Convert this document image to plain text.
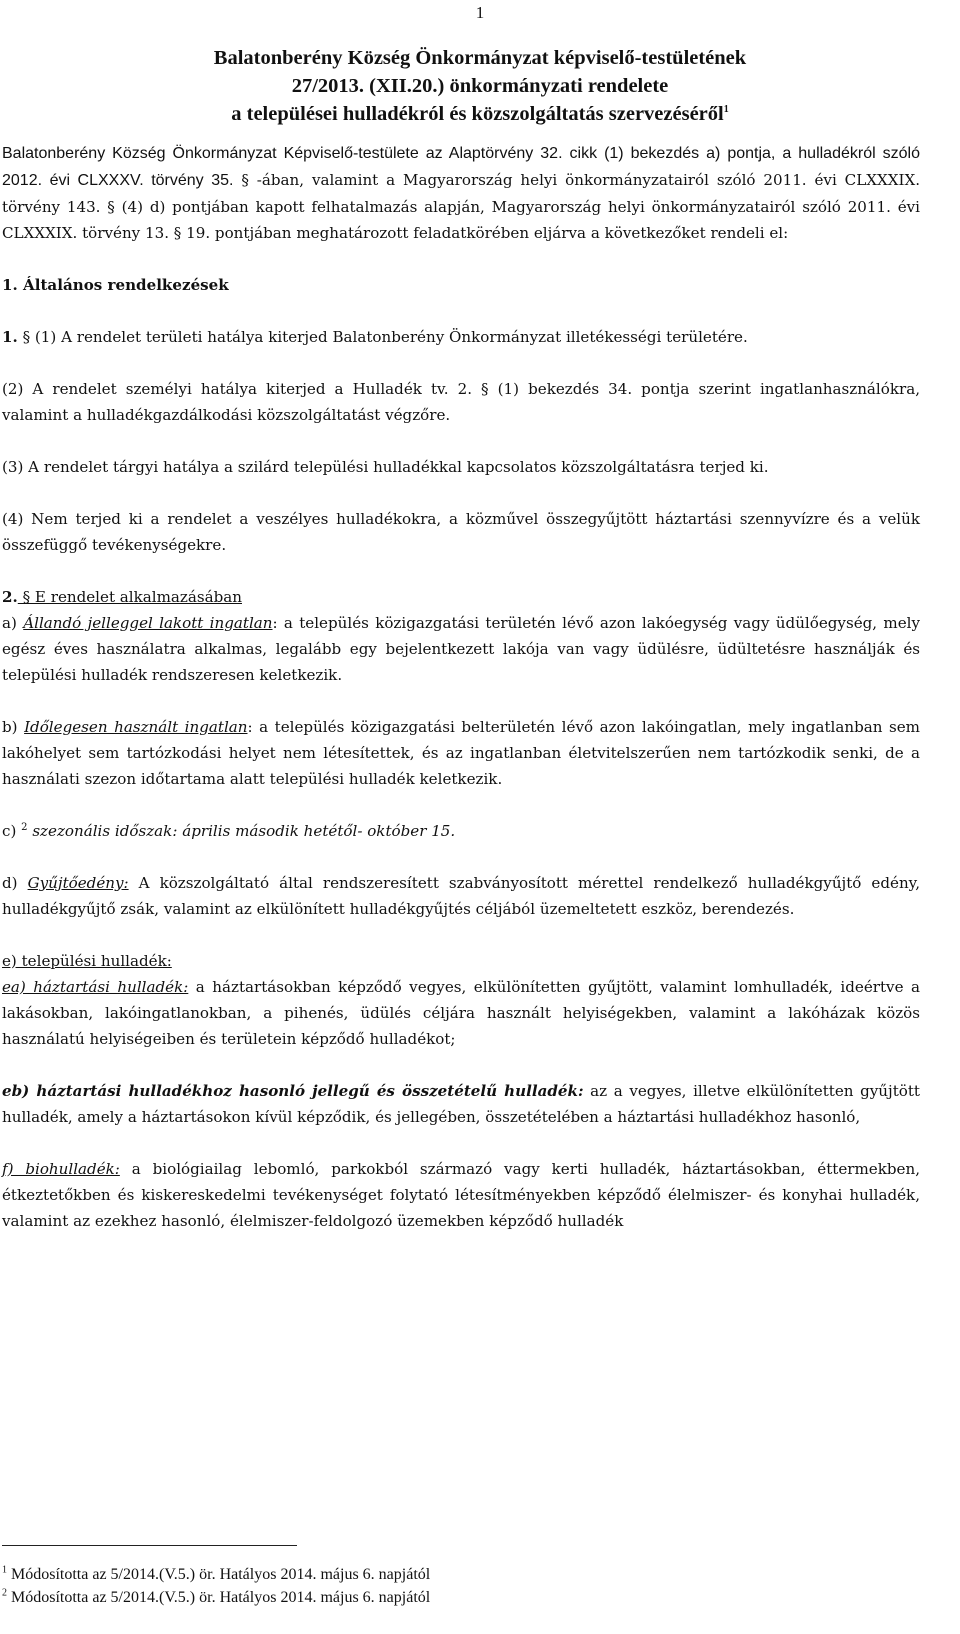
1
Balatonberény Község Önkormányzat képviselő-testületének
27/2013. (XII.20.) önkormányzati rendelete
a települései hulladékról és közszolgáltatás szervezéséről$^1$

Balatonberény Község Önkormányzat Képviselő-testülete az Alaptörvény 32. cikk (1) bekezdés a) pontja, a hulladékról szóló 2012. évi CLXXXV. törvény 35. § -ában, valamint a Magyarország helyi önkormányzatairól szóló 2011. évi CLXXXIX. törvény 143. § (4) d) pontjában kapott felhatalmazás alapján, Magyarország helyi önkormányzatairól szóló 2011. évi CLXXXIX. törvény 13. § 19. pontjában meghatározott feladatkörében eljárva a következőket rendeli el:

1. Általános rendelkezések

1. § (1) A rendelet területi hatálya kiterjed Balatonberény Önkormányzat illetékességi területére.

(2) A rendelet személyi hatálya kiterjed a Hulladék tv. 2. § (1) bekezdés 34. pontja szerint ingatlanhasználókra, valamint a hulladékgazdálkodási közszolgáltatást végzőre.

(3) A rendelet tárgyi hatálya a szilárd települési hulladékkal kapcsolatos közszolgáltatásra terjed ki.

(4) Nem terjed ki a rendelet a veszélyes hulladékokra, a közművel összegyűjtött háztartási szennyvízre és a velük összefüggő tevékenységekre.

2. § E rendelet alkalmazásában

a) Állandó jelleggel lakott ingatlan: a település közigazgatási területén lévő azon lakóegység vagy üdülőegység, mely egész éves használatra alkalmas, legalább egy bejelentkezett lakója van vagy üdülésre, üdültetésre használják és települési hulladék rendszeresen keletkezik.

b) Időlegesen használt ingatlan: a település közigazgatási belterületén lévő azon lakóingatlan, mely ingatlanban sem lakóhelyet sem tartózkodási helyet nem létesítettek, és az ingatlanban életvitelszerűen nem tartózkodik senki, de a használati szezon időtartama alatt települési hulladék keletkezik.

c) $^2$ szezonális időszak: április második hetétől- október 15.

d) Gyűjtőedény: A közszolgáltató által rendszeresített szabványosított mérettel rendelkező hulladékgyűjtő edény, hulladékgyűjtő zsák, valamint az elkülönített hulladékgyűjtés céljából üzemeltetett eszköz, berendezés.

e) települési hulladék:

ea) háztartási hulladék: a háztartásokban képződő vegyes, elkülönítetten gyűjtött, valamint lomhulladék, ideértve a lakásokban, lakóingatlanokban, a pihenés, üdülés céljára használt helyiségekben, valamint a lakóházak közös használatú helyiségeiben és területein képződő hulladékot;

eb) háztartási hulladékhoz hasonló jellegű és összetételű hulladék: az a vegyes, illetve elkülönítetten gyűjtött hulladék, amely a háztartásokon kívül képződik, és jellegében, összetételében a háztartási hulladékhoz hasonló,

f) biohulladék: a biológiailag lebomló, parkokból származó vagy kerti hulladék, háztartásokban, éttermekben, étkeztetőkben és kiskereskedelmi tevékenységet folytató létesítményekben képződő élelmiszer- és konyhai hulladék, valamint az ezekhez hasonló, élelmiszer-feldolgozó üzemekben képződő hulladék

$^1$ Módosította az 5/2014.(V.5.) ör. Hatályos 2014. május 6. napjától
$^2$ Módosította az 5/2014.(V.5.) ör. Hatályos 2014. május 6. napjától
